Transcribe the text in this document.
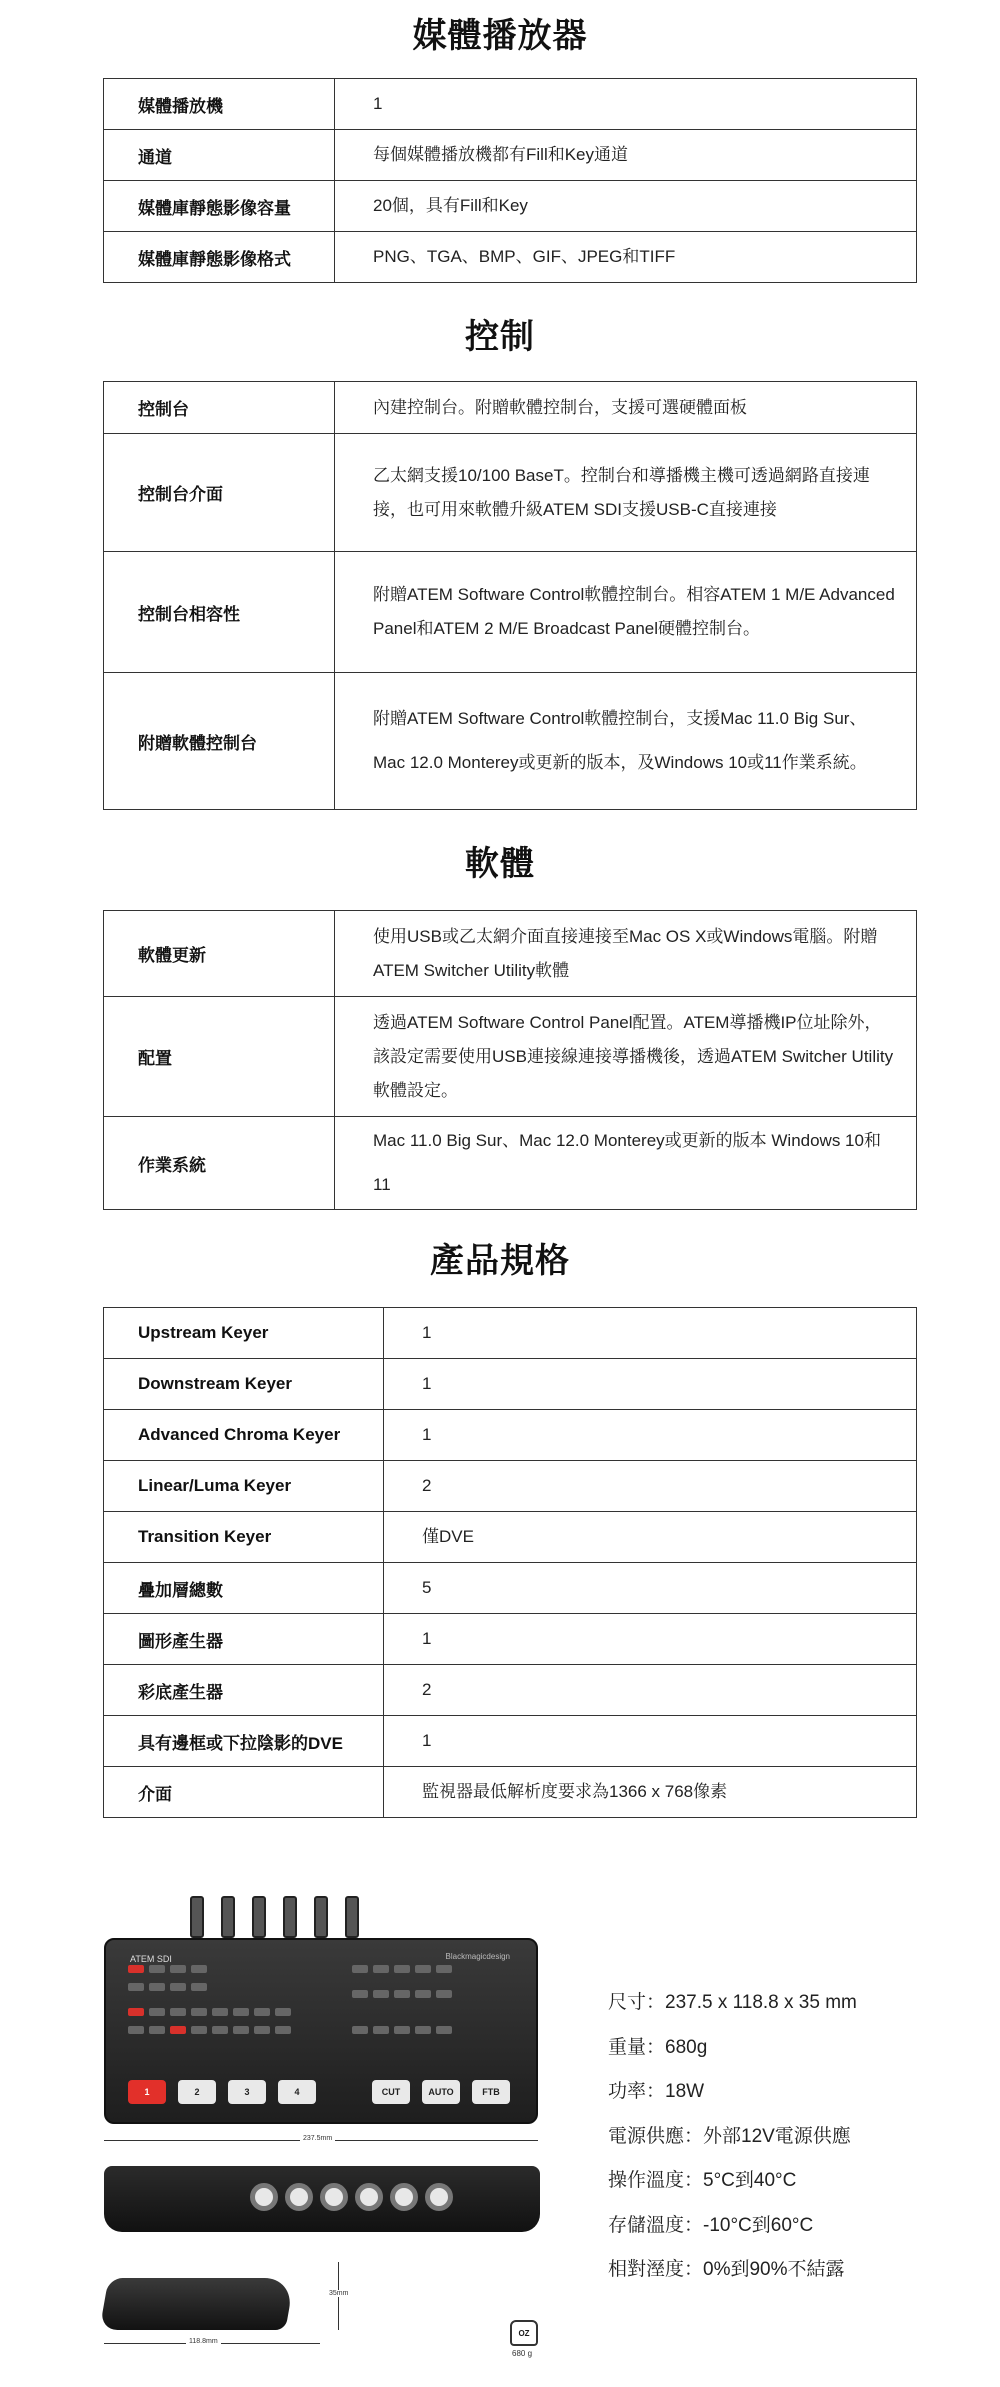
媒體播放器
媒體播放機	1
通道	每個媒體播放機都有Fill和Key通道
媒體庫靜態影像容量	20個，具有Fill和Key
媒體庫靜態影像格式	PNG、TGA、BMP、GIF、JPEG和TIFF
控制
控制台	內建控制台。附贈軟體控制台，支援可選硬體面板
控制台介面	乙太網支援10/100 BaseT。控制台和導播機主機可透過網路直接連接，也可用來軟體升級ATEM SDI支援USB-C直接連接
控制台相容性	附贈ATEM Software Control軟體控制台。相容ATEM 1 M/E Advanced Panel和ATEM 2 M/E Broadcast Panel硬體控制台。
附贈軟體控制台	附贈ATEM Software Control軟體控制台，支援Mac 11.0 Big Sur、Mac 12.0 Monterey或更新的版本，及Windows 10或11作業系統。
軟體
軟體更新	使用USB或乙太網介面直接連接至Mac OS X或Windows電腦。附贈ATEM Switcher Utility軟體
配置	透過ATEM Software Control Panel配置。ATEM導播機IP位址除外，該設定需要使用USB連接線連接導播機後，透過ATEM Switcher Utility軟體設定。
作業系統	Mac 11.0 Big Sur、Mac 12.0 Monterey或更新的版本 Windows 10和11
產品規格
Upstream Keyer	1
Downstream Keyer	1
Advanced Chroma Keyer	1
Linear/Luma Keyer	2
Transition Keyer	僅DVE
疊加層總數	5
圖形產生器	1
彩底產生器	2
具有邊框或下拉陰影的DVE	1
介面	監視器最低解析度要求為1366 x 768像素
ATEM SDI	Blackmagicdesign
1	2	3	4	CUT	AUTO	FTB
237.5mm
35mm
118.8mm
OZ
680 g
尺寸：237.5 x 118.8 x 35 mm
重量：680g
功率：18W
電源供應：外部12V電源供應
操作溫度：5°C到40°C
存儲溫度：-10°C到60°C
相對溼度：0%到90%不結露
